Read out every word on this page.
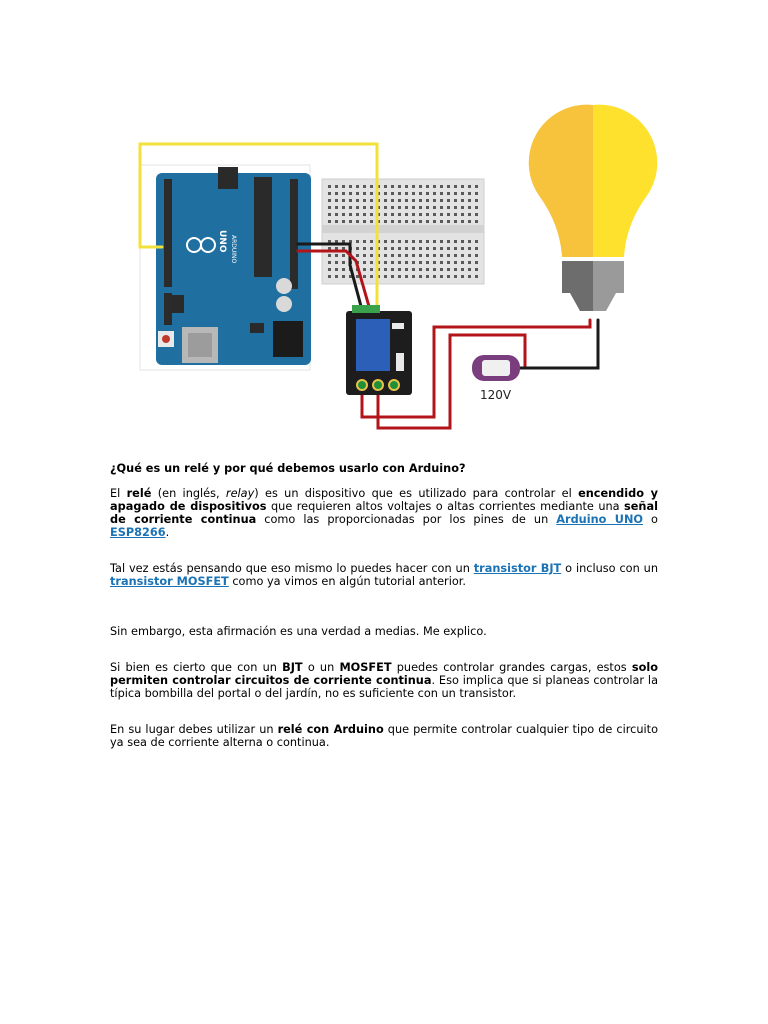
UNO ARDUINO
120V

¿Qué es un relé y por qué debemos usarlo con Arduino?

El relé (en inglés, relay) es un dispositivo que es utilizado para controlar el encendido y apagado de dispositivos que requieren altos voltajes o altas corrientes mediante una señal de corriente continua como las proporcionadas por los pines de un Arduino UNO o ESP8266.

Tal vez estás pensando que eso mismo lo puedes hacer con un transistor BJT o incluso con un transistor MOSFET como ya vimos en algún tutorial anterior.

Sin embargo, esta afirmación es una verdad a medias. Me explico.

Si bien es cierto que con un BJT o un MOSFET puedes controlar grandes cargas, estos solo permiten controlar circuitos de corriente continua. Eso implica que si planeas controlar la típica bombilla del portal o del jardín, no es suficiente con un transistor.

En su lugar debes utilizar un relé con Arduino que permite controlar cualquier tipo de circuito ya sea de corriente alterna o continua.
